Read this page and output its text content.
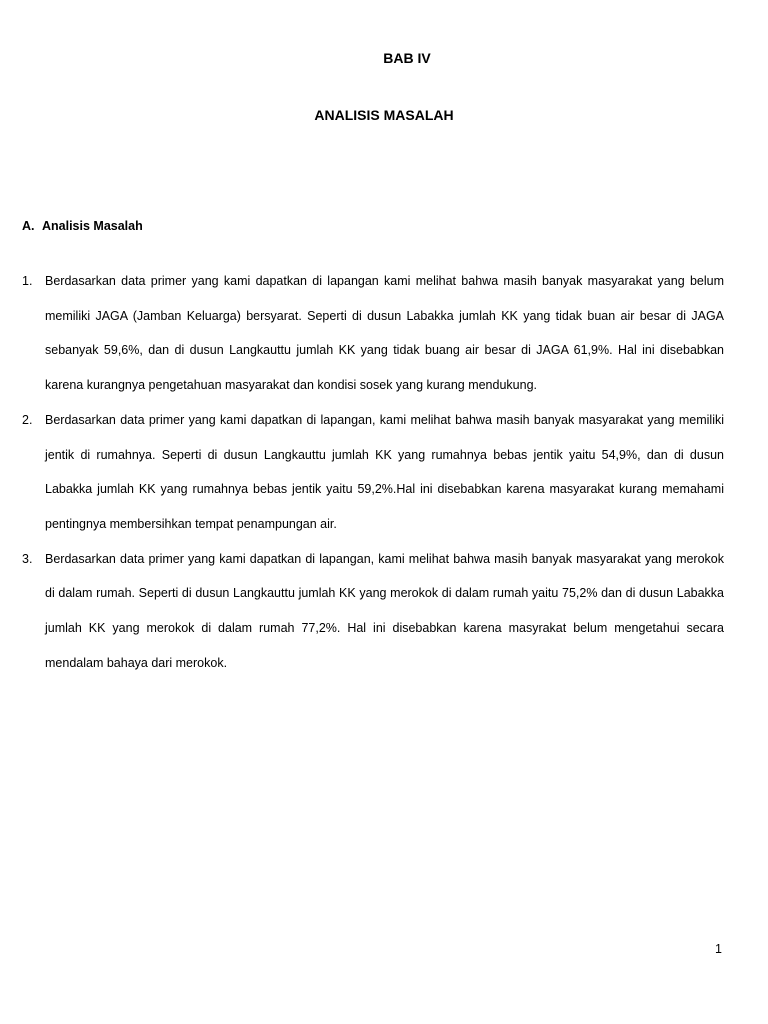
BAB IV
ANALISIS MASALAH
A. Analisis Masalah
1.	Berdasarkan data primer yang kami dapatkan di lapangan kami melihat bahwa masih banyak masyarakat yang belum memiliki JAGA (Jamban Keluarga) bersyarat. Seperti di dusun Labakka jumlah KK yang tidak buan air besar di JAGA sebanyak 59,6%, dan di dusun Langkauttu jumlah KK yang tidak buang air besar di JAGA 61,9%. Hal ini disebabkan karena kurangnya pengetahuan masyarakat dan kondisi sosek yang kurang mendukung.
2.	Berdasarkan data primer yang kami dapatkan di lapangan, kami melihat bahwa masih banyak masyarakat yang memiliki jentik di rumahnya. Seperti di dusun Langkauttu jumlah KK yang rumahnya bebas jentik yaitu 54,9%, dan di dusun Labakka jumlah KK yang rumahnya bebas jentik yaitu 59,2%.Hal ini disebabkan karena masyarakat kurang memahami pentingnya membersihkan tempat penampungan air.
3.	Berdasarkan data primer yang kami dapatkan di lapangan, kami melihat bahwa masih banyak masyarakat yang merokok di dalam rumah. Seperti di dusun Langkauttu jumlah KK yang merokok di dalam rumah yaitu 75,2% dan di dusun Labakka jumlah KK yang merokok di dalam rumah 77,2%. Hal ini disebabkan karena masyrakat belum mengetahui secara mendalam bahaya dari merokok.
1
